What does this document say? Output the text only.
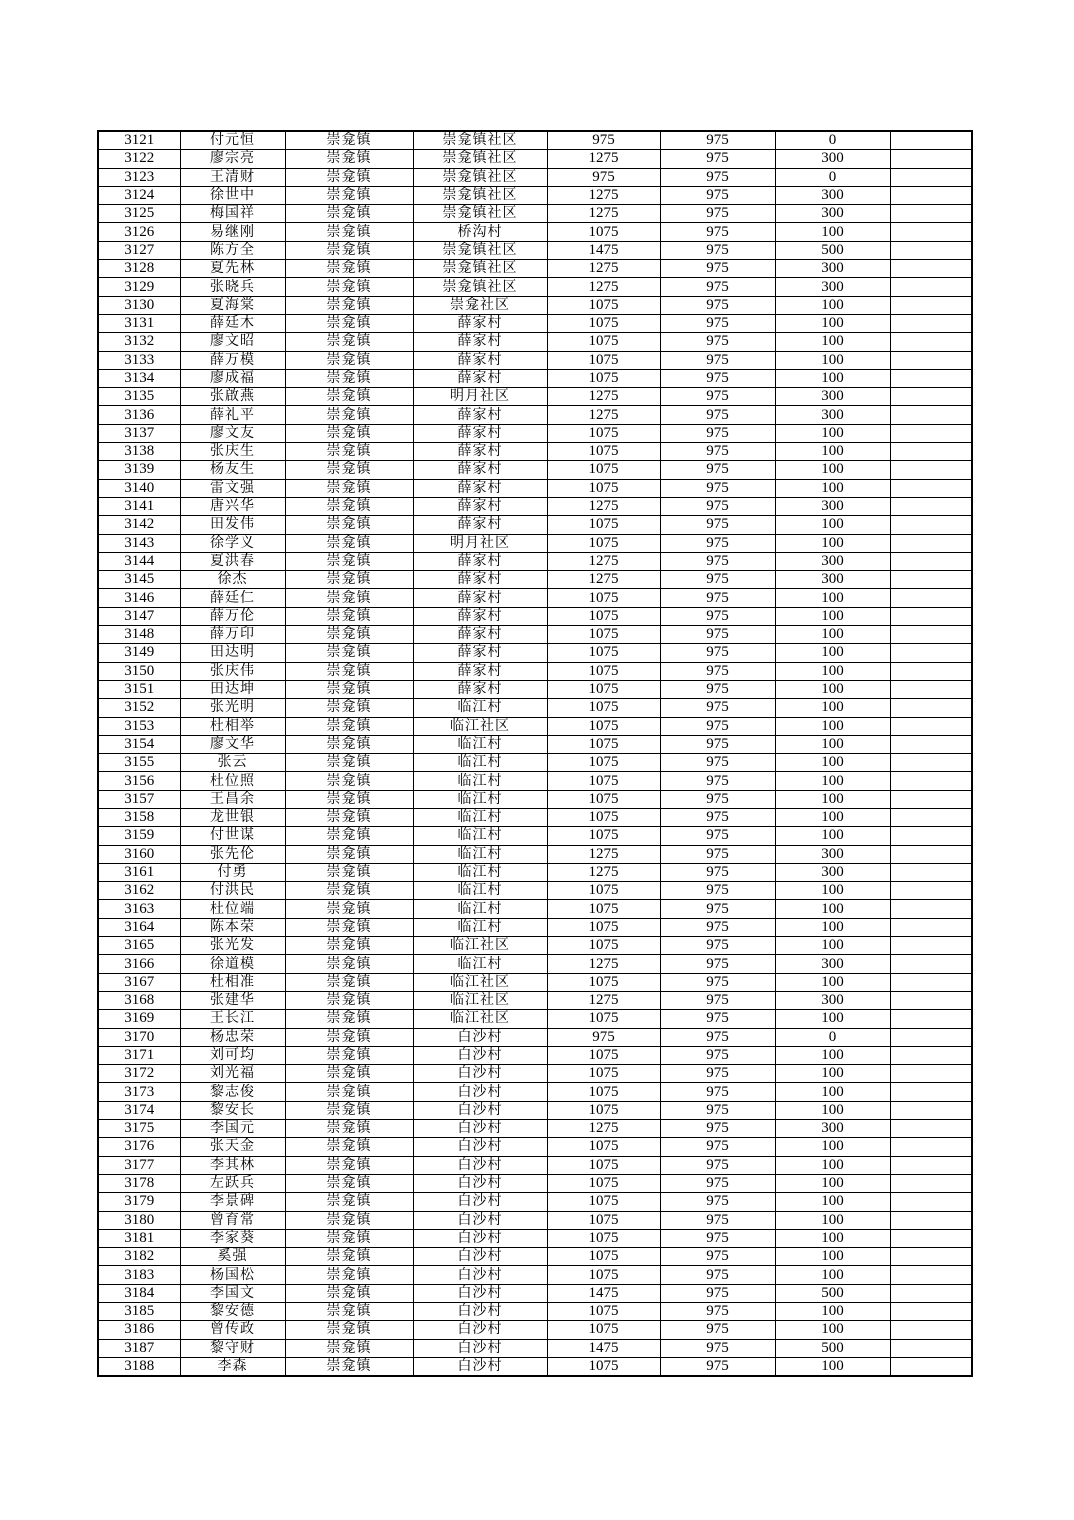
3121	付元恒	崇龛镇	崇龛镇社区	975	975	0	
3122	廖宗亮	崇龛镇	崇龛镇社区	1275	975	300	
3123	王清财	崇龛镇	崇龛镇社区	975	975	0	
3124	徐世中	崇龛镇	崇龛镇社区	1275	975	300	
3125	梅国祥	崇龛镇	崇龛镇社区	1275	975	300	
3126	易继刚	崇龛镇	桥沟村	1075	975	100	
3127	陈方全	崇龛镇	崇龛镇社区	1475	975	500	
3128	夏先林	崇龛镇	崇龛镇社区	1275	975	300	
3129	张晓兵	崇龛镇	崇龛镇社区	1275	975	300	
3130	夏海棠	崇龛镇	崇龛社区	1075	975	100	
3131	薛廷木	崇龛镇	薛家村	1075	975	100	
3132	廖文昭	崇龛镇	薛家村	1075	975	100	
3133	薛万模	崇龛镇	薛家村	1075	975	100	
3134	廖成福	崇龛镇	薛家村	1075	975	100	
3135	张啟燕	崇龛镇	明月社区	1275	975	300	
3136	薛礼平	崇龛镇	薛家村	1275	975	300	
3137	廖文友	崇龛镇	薛家村	1075	975	100	
3138	张庆生	崇龛镇	薛家村	1075	975	100	
3139	杨友生	崇龛镇	薛家村	1075	975	100	
3140	雷文强	崇龛镇	薛家村	1075	975	100	
3141	唐兴华	崇龛镇	薛家村	1275	975	300	
3142	田发伟	崇龛镇	薛家村	1075	975	100	
3143	徐学义	崇龛镇	明月社区	1075	975	100	
3144	夏洪春	崇龛镇	薛家村	1275	975	300	
3145	徐杰	崇龛镇	薛家村	1275	975	300	
3146	薛廷仁	崇龛镇	薛家村	1075	975	100	
3147	薛万伦	崇龛镇	薛家村	1075	975	100	
3148	薛万印	崇龛镇	薛家村	1075	975	100	
3149	田达明	崇龛镇	薛家村	1075	975	100	
3150	张庆伟	崇龛镇	薛家村	1075	975	100	
3151	田达坤	崇龛镇	薛家村	1075	975	100	
3152	张光明	崇龛镇	临江村	1075	975	100	
3153	杜相举	崇龛镇	临江社区	1075	975	100	
3154	廖文华	崇龛镇	临江村	1075	975	100	
3155	张云	崇龛镇	临江村	1075	975	100	
3156	杜位照	崇龛镇	临江村	1075	975	100	
3157	王昌余	崇龛镇	临江村	1075	975	100	
3158	龙世银	崇龛镇	临江村	1075	975	100	
3159	付世谋	崇龛镇	临江村	1075	975	100	
3160	张先伦	崇龛镇	临江村	1275	975	300	
3161	付勇	崇龛镇	临江村	1275	975	300	
3162	付洪民	崇龛镇	临江村	1075	975	100	
3163	杜位端	崇龛镇	临江村	1075	975	100	
3164	陈本荣	崇龛镇	临江村	1075	975	100	
3165	张光发	崇龛镇	临江社区	1075	975	100	
3166	徐道模	崇龛镇	临江村	1275	975	300	
3167	杜相准	崇龛镇	临江社区	1075	975	100	
3168	张建华	崇龛镇	临江社区	1275	975	300	
3169	王长江	崇龛镇	临江社区	1075	975	100	
3170	杨忠荣	崇龛镇	白沙村	975	975	0	
3171	刘可均	崇龛镇	白沙村	1075	975	100	
3172	刘光福	崇龛镇	白沙村	1075	975	100	
3173	黎志俊	崇龛镇	白沙村	1075	975	100	
3174	黎安长	崇龛镇	白沙村	1075	975	100	
3175	李国元	崇龛镇	白沙村	1275	975	300	
3176	张天金	崇龛镇	白沙村	1075	975	100	
3177	李其林	崇龛镇	白沙村	1075	975	100	
3178	左跃兵	崇龛镇	白沙村	1075	975	100	
3179	李景碑	崇龛镇	白沙村	1075	975	100	
3180	曾育常	崇龛镇	白沙村	1075	975	100	
3181	李家葵	崇龛镇	白沙村	1075	975	100	
3182	奚强	崇龛镇	白沙村	1075	975	100	
3183	杨国松	崇龛镇	白沙村	1075	975	100	
3184	李国文	崇龛镇	白沙村	1475	975	500	
3185	黎安德	崇龛镇	白沙村	1075	975	100	
3186	曾传政	崇龛镇	白沙村	1075	975	100	
3187	黎守财	崇龛镇	白沙村	1475	975	500	
3188	李森	崇龛镇	白沙村	1075	975	100	
